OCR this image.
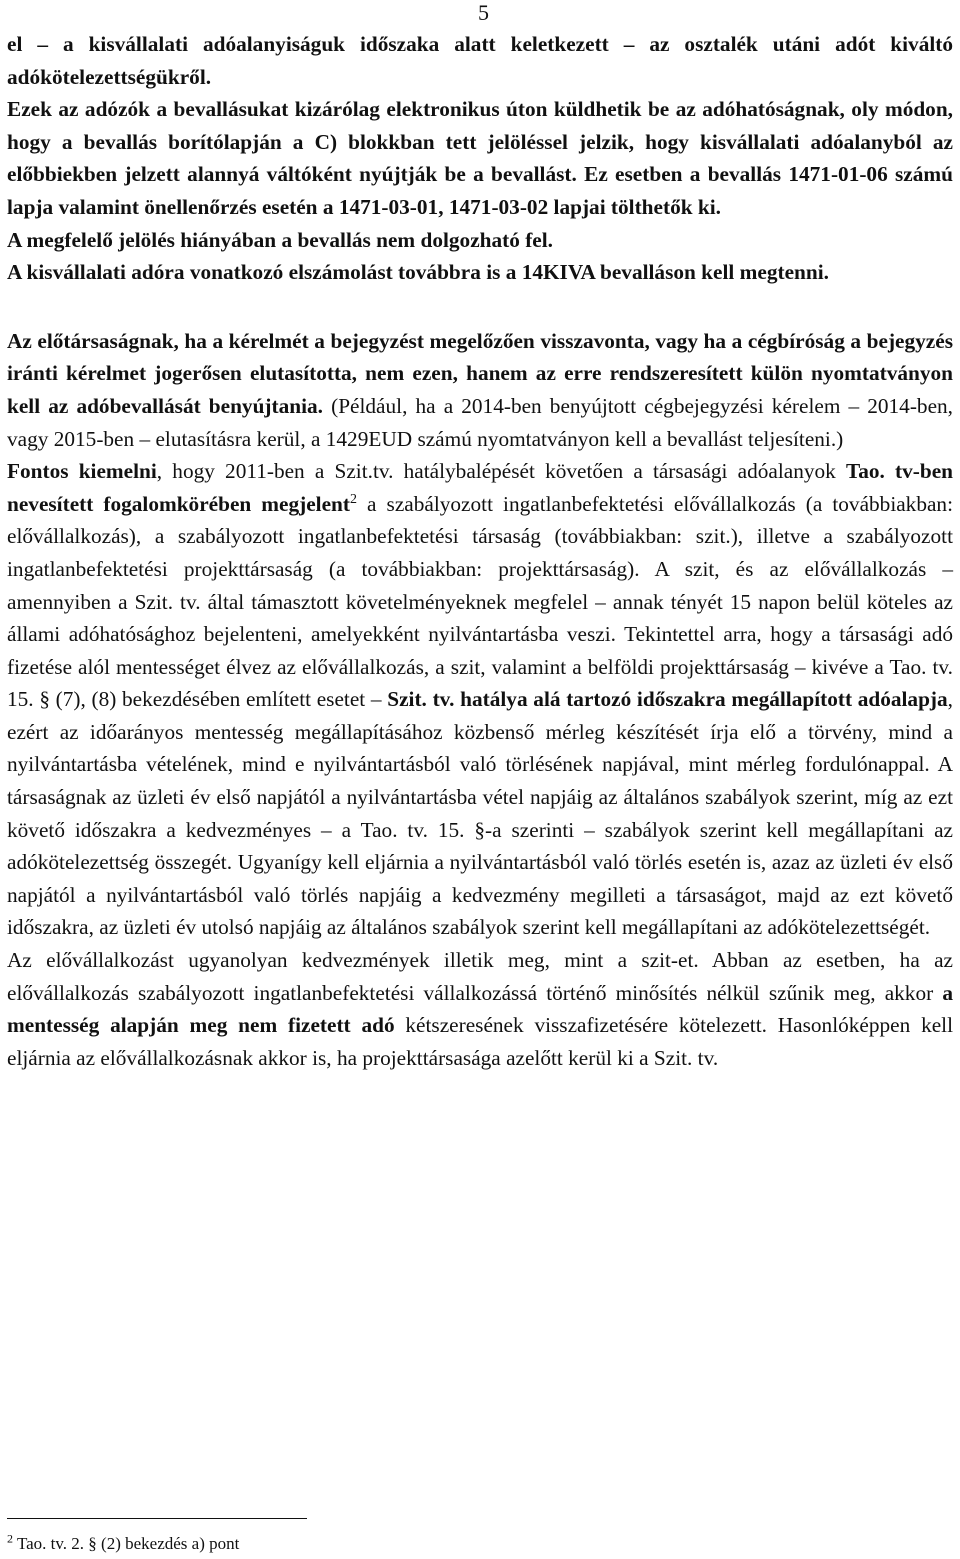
5

el – a kisvállalati adóalanyiságuk időszaka alatt keletkezett – az osztalék utáni adót kiváltó adókötelezettségükről.

Ezek az adózók a bevallásukat kizárólag elektronikus úton küldhetik be az adóhatóságnak, oly módon, hogy a bevallás borítólapján a C) blokkban tett jelöléssel jelzik, hogy kisvállalati adóalanyból az előbbiekben jelzett alannyá váltóként nyújtják be a bevallást. Ez esetben a bevallás 1471-01-06 számú lapja valamint önellenőrzés esetén a 1471-03-01, 1471-03-02 lapjai tölthetők ki.

A megfelelő jelölés hiányában a bevallás nem dolgozható fel.

A kisvállalati adóra vonatkozó elszámolást továbbra is a 14KIVA bevalláson kell megtenni.

Az előtársaságnak, ha a kérelmét a bejegyzést megelőzően visszavonta, vagy ha a cégbíróság a bejegyzés iránti kérelmet jogerősen elutasította, nem ezen, hanem az erre rendszeresített külön nyomtatványon kell az adóbevallását benyújtania. (Például, ha a 2014-ben benyújtott cégbejegyzési kérelem – 2014-ben, vagy 2015-ben – elutasításra kerül, a 1429EUD számú nyomtatványon kell a bevallást teljesíteni.)

Fontos kiemelni, hogy 2011-ben a Szit.tv. hatálybalépését követően a társasági adóalanyok Tao. tv-ben nevesített fogalomkörében megjelent$^2$ a szabályozott ingatlanbefektetési elővállalkozás (a továbbiakban: elővállalkozás), a szabályozott ingatlanbefektetési társaság (továbbiakban: szit.), illetve a szabályozott ingatlanbefektetési projekttársaság (a továbbiakban: projekttársaság). A szit, és az elővállalkozás – amennyiben a Szit. tv. által támasztott követelményeknek megfelel – annak tényét 15 napon belül köteles az állami adóhatósághoz bejelenteni, amelyekként nyilvántartásba veszi. Tekintettel arra, hogy a társasági adó fizetése alól mentességet élvez az elővállalkozás, a szit, valamint a belföldi projekttársaság – kivéve a Tao. tv. 15. § (7), (8) bekezdésében említett esetet – Szit. tv. hatálya alá tartozó időszakra megállapított adóalapja, ezért az időarányos mentesség megállapításához közbenső mérleg készítését írja elő a törvény, mind a nyilvántartásba vételének, mind e nyilvántartásból való törlésének napjával, mint mérleg fordulónappal. A társaságnak az üzleti év első napjától a nyilvántartásba vétel napjáig az általános szabályok szerint, míg az ezt követő időszakra a kedvezményes – a Tao. tv. 15. §-a szerinti – szabályok szerint kell megállapítani az adókötelezettség összegét. Ugyanígy kell eljárnia a nyilvántartásból való törlés esetén is, azaz az üzleti év első napjától a nyilvántartásból való törlés napjáig a kedvezmény megilleti a társaságot, majd az ezt követő időszakra, az üzleti év utolsó napjáig az általános szabályok szerint kell megállapítani az adókötelezettségét.

Az elővállalkozást ugyanolyan kedvezmények illetik meg, mint a szit-et. Abban az esetben, ha az elővállalkozás szabályozott ingatlanbefektetési vállalkozássá történő minősítés nélkül szűnik meg, akkor a mentesség alapján meg nem fizetett adó kétszeresének visszafizetésére kötelezett. Hasonlóképpen kell eljárnia az elővállalkozásnak akkor is, ha projekttársasága azelőtt kerül ki a Szit. tv.

$^2$ Tao. tv. 2. § (2) bekezdés a) pont
